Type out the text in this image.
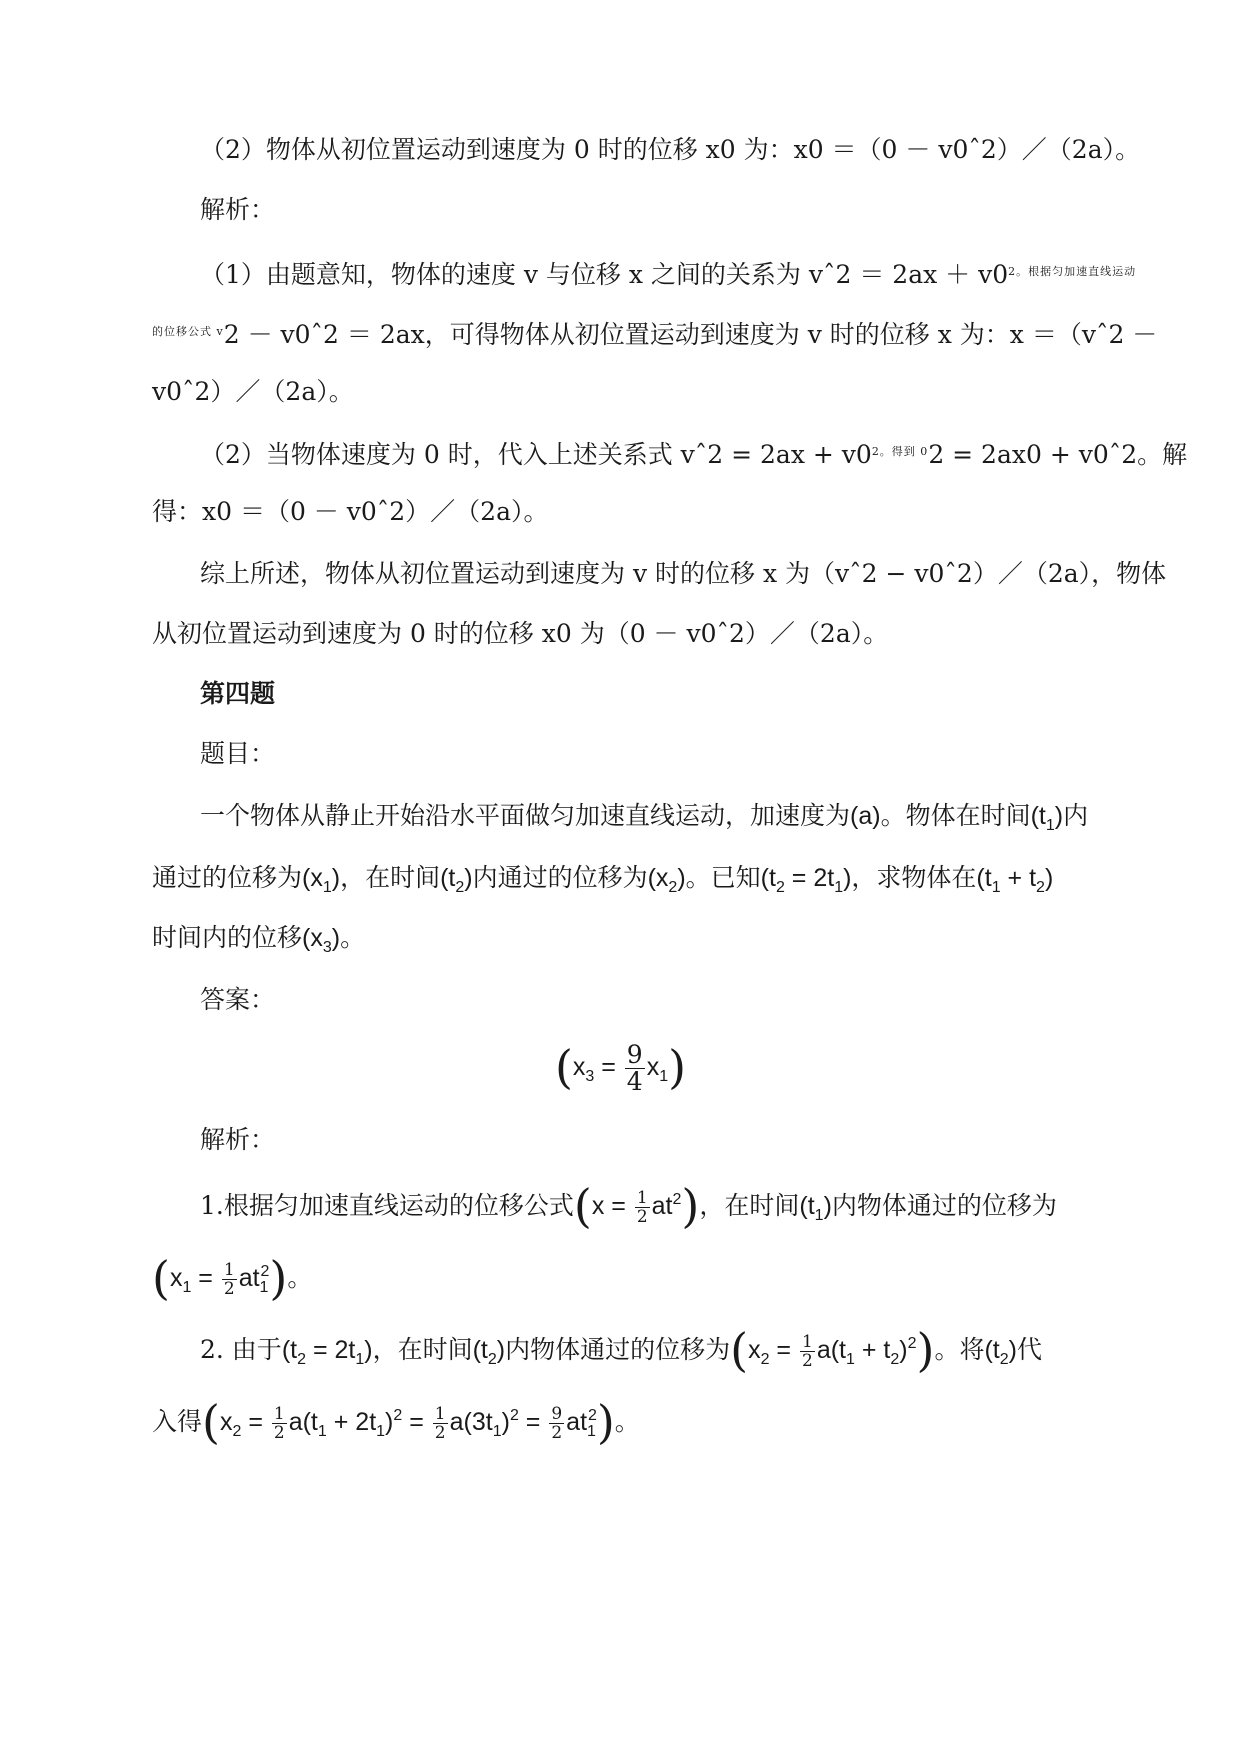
（2）物体从初位置运动到速度为 0 时的位移 x0 为：x0 ＝（0 － v0ˆ2）／（2a）。
解析：
（1）由题意知，物体的速度 v 与位移 x 之间的关系为 vˆ2 ＝ $2ax + v0^{2。根据匀加速直线运动}$
$^{的位移公式 v}$2 － v0ˆ2 ＝ 2ax，可得物体从初位置运动到速度为 v 时的位移 x 为：x ＝（vˆ2 －
v0ˆ2）／（2a）。
（2）当物体速度为 0 时，代入上述关系式 vˆ2 = $2ax + v0^{2。得到 0}2 = 2ax0$ + v0ˆ2。解
得：x0 ＝（0 － v0ˆ2）／（2a）。
综上所述，物体从初位置运动到速度为 v 时的位移 x 为（vˆ2 − v0ˆ2）／（2a），物体
从初位置运动到速度为 0 时的位移 x0 为（0 － v0ˆ2）／（2a）。
第四题
题目：
一个物体从静止开始沿水平面做匀加速直线运动，加速度为(a)。物体在时间$(t_1)$内
通过的位移为$(x_1)$，在时间$(t_2)$内通过的位移为$(x_2)$。已知$(t_2 = 2t_1)$，求物体在$(t_1 + t_2)$
时间内的位移$(x_3)$。
答案：
$(x_3 = \frac{9}{4} x_1)$
解析：
1.根据匀加速直线运动的位移公式$(x = \frac{1}{2} at^2)$，在时间$(t_1)$内物体通过的位移为
$(x_1 = \frac{1}{2} at_1^2)$。
2. 由于$(t_2 = 2t_1)$，在时间$(t_2)$内物体通过的位移为$(x_2 = \frac{1}{2} a(t_1 + t_2)^2)$。将$(t_2)$代
入得$(x_2 = \frac{1}{2} a(t_1 + 2t_1)^2 = \frac{1}{2} a(3t_1)^2 = \frac{9}{2} at_1^2)$。
